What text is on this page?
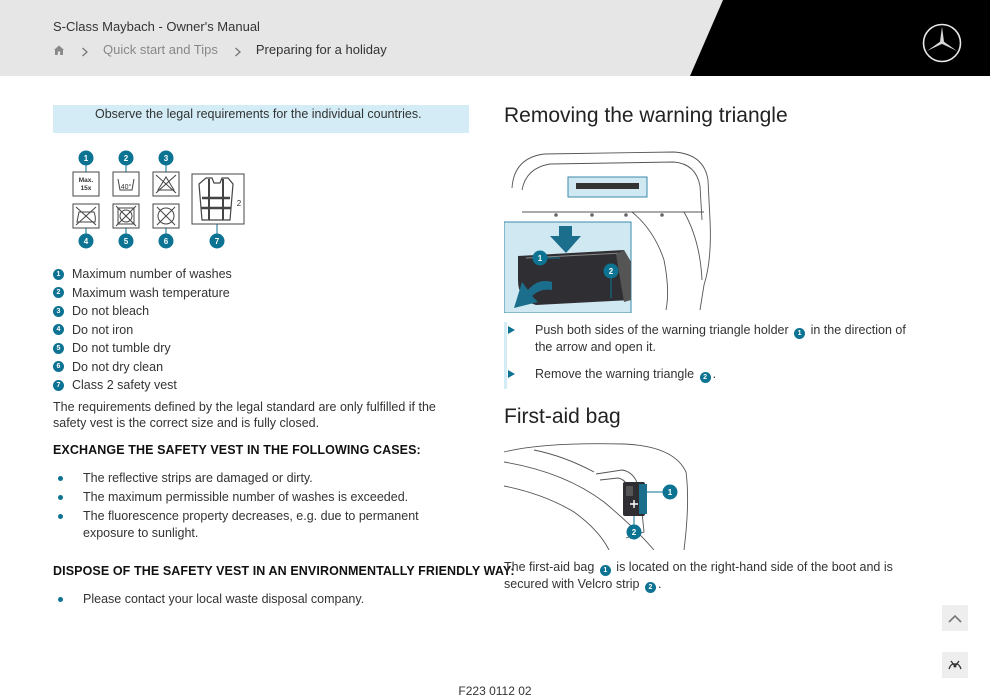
S-Class Maybach - Owner's Manual
Quick start and Tips	Preparing for a holiday
Observe the legal requirements for the individual countries.
Max.
15x	40°
2
1	2	3
4	5	6	7
1 Maximum number of washes
2 Maximum wash temperature
3 Do not bleach
4 Do not iron
5 Do not tumble dry
6 Do not dry clean
7 Class 2 safety vest

The requirements defined by the legal standard are only fulfilled if the safety vest is the correct size and is fully closed.

EXCHANGE THE SAFETY VEST IN THE FOLLOWING CASES:
The reflective strips are damaged or dirty.
The maximum permissible number of washes is exceeded.
The fluorescence property decreases, e.g. due to permanent exposure to sunlight.
DISPOSE OF THE SAFETY VEST IN AN ENVIRONMENTALLY FRIENDLY WAY:
Please contact your local waste disposal company.
Removing the warning triangle
1
2
Push both sides of the warning triangle holder 1 in the direction of the arrow and open it.
Remove the warning triangle 2 .
First-aid bag
1
2

The first-aid bag 1 is located on the right-hand side of the boot and is secured with Velcro strip 2 .

F223 0112 02
